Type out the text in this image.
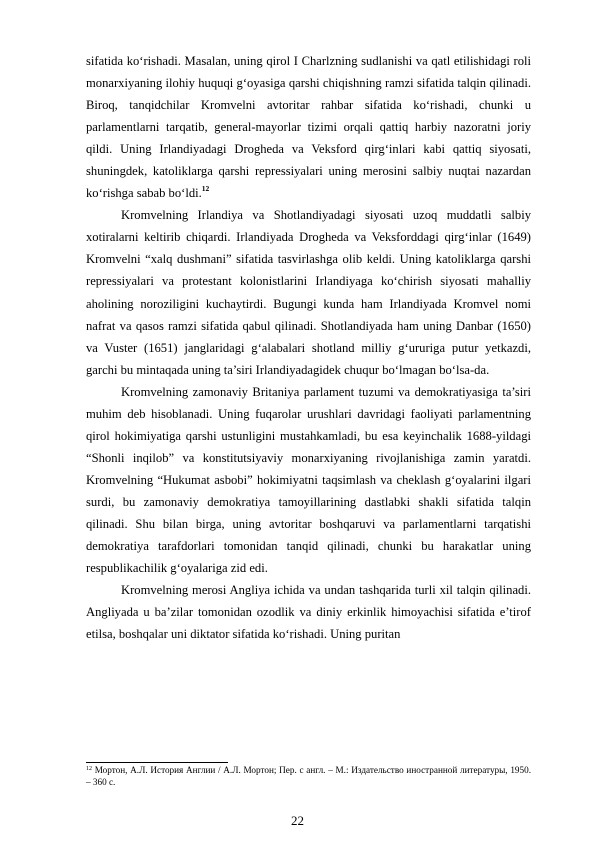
sifatida ko‘rishadi. Masalan, uning qirol I Charlzning sudlanishi va qatl etilishidagi roli monarxiyaning ilohiy huquqi g‘oyasiga qarshi chiqishning ramzi sifatida talqin qilinadi. Biroq, tanqidchilar Kromvelni avtoritar rahbar sifatida ko‘rishadi, chunki u parlamentlarni tarqatib, general-mayorlar tizimi orqali qattiq harbiy nazoratni joriy qildi. Uning Irlandiyadagi Drogheda va Veksford qirg‘inlari kabi qattiq siyosati, shuningdek, katoliklarga qarshi repressiyalari uning merosini salbiy nuqtai nazardan ko‘rishga sabab bo‘ldi.$^{12}$

Kromvelning Irlandiya va Shotlandiyadagi siyosati uzoq muddatli salbiy xotiralarni keltirib chiqardi. Irlandiyada Drogheda va Veksforddagi qirg‘inlar (1649) Kromvelni “xalq dushmani” sifatida tasvirlashga olib keldi. Uning katoliklarga qarshi repressiyalari va protestant kolonistlarini Irlandiyaga ko‘chirish siyosati mahalliy aholining noroziligini kuchaytirdi. Bugungi kunda ham Irlandiyada Kromvel nomi nafrat va qasos ramzi sifatida qabul qilinadi. Shotlandiyada ham uning Danbar (1650) va Vuster (1651) janglaridagi g‘alabalari shotland milliy g‘ururiga putur yetkazdi, garchi bu mintaqada uning ta’siri Irlandiyadagidek chuqur bo‘lmagan bo‘lsa-da.

Kromvelning zamonaviy Britaniya parlament tuzumi va demokratiyasiga ta’siri muhim deb hisoblanadi. Uning fuqarolar urushlari davridagi faoliyati parlamentning qirol hokimiyatiga qarshi ustunligini mustahkamladi, bu esa keyinchalik 1688-yildagi “Shonli inqilob” va konstitutsiyaviy monarxiyaning rivojlanishiga zamin yaratdi. Kromvelning “Hukumat asbobi” hokimiyatni taqsimlash va cheklash g‘oyalarini ilgari surdi, bu zamonaviy demokratiya tamoyillarining dastlabki shakli sifatida talqin qilinadi. Shu bilan birga, uning avtoritar boshqaruvi va parlamentlarni tarqatishi demokratiya tarafdorlari tomonidan tanqid qilinadi, chunki bu harakatlar uning respublikachilik g‘oyalariga zid edi.

Kromvelning merosi Angliya ichida va undan tashqarida turli xil talqin qilinadi. Angliyada u ba’zilar tomonidan ozodlik va diniy erkinlik himoyachisi sifatida e’tirof etilsa, boshqalar uni diktator sifatida ko‘rishadi. Uning puritan

$^{12}$ Мортон, А.Л. История Англии / А.Л. Мортон; Пер. с англ. – М.: Издательство иностранной литературы, 1950. – 360 с.

22
